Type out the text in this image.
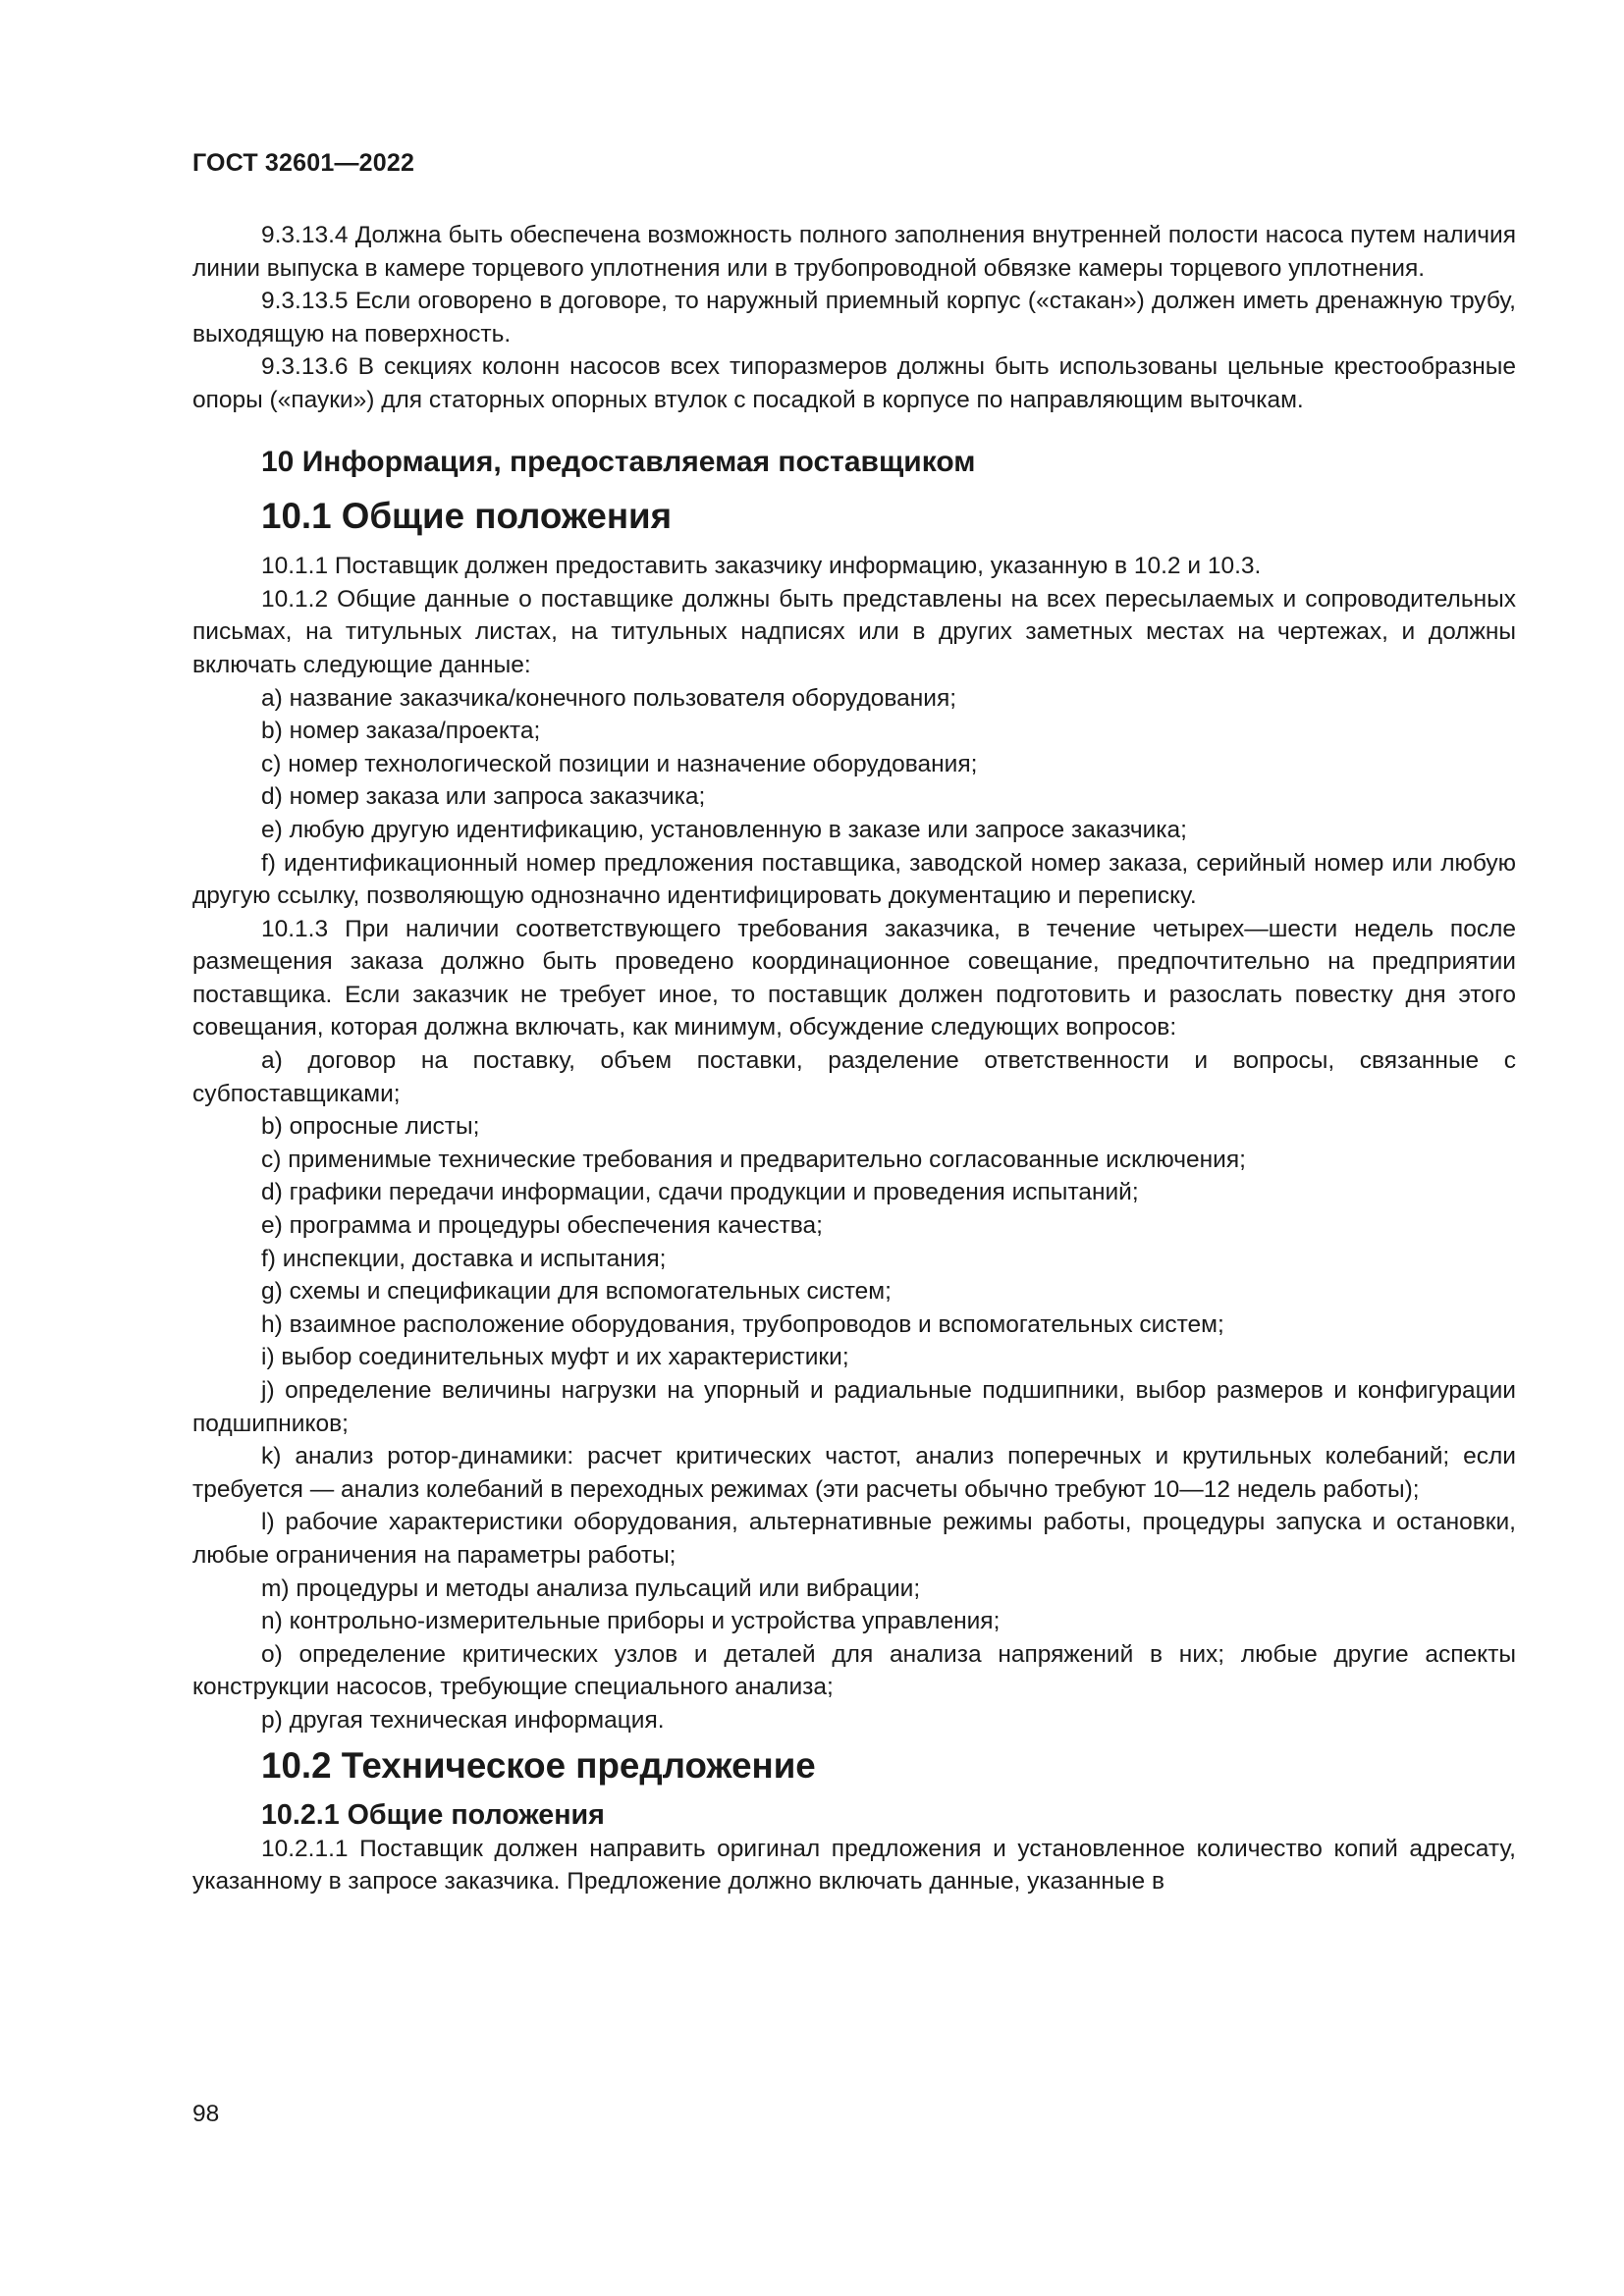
ГОСТ 32601—2022

9.3.13.4 Должна быть обеспечена возможность полного заполнения внутренней полости насоса путем наличия линии выпуска в камере торцевого уплотнения или в трубопроводной обвязке камеры торцевого уплотнения.

9.3.13.5 Если оговорено в договоре, то наружный приемный корпус («стакан») должен иметь дренажную трубу, выходящую на поверхность.

9.3.13.6 В секциях колонн насосов всех типоразмеров должны быть использованы цельные крестообразные опоры («пауки») для статорных опорных втулок с посадкой в корпусе по направляющим выточкам.

10 Информация, предоставляемая поставщиком
10.1 Общие положения

10.1.1 Поставщик должен предоставить заказчику информацию, указанную в 10.2 и 10.3.

10.1.2 Общие данные о поставщике должны быть представлены на всех пересылаемых и сопроводительных письмах, на титульных листах, на титульных надписях или в других заметных местах на чертежах, и должны включать следующие данные:

a) название заказчика/конечного пользователя оборудования;

b) номер заказа/проекта;

c) номер технологической позиции и назначение оборудования;

d) номер заказа или запроса заказчика;

e) любую другую идентификацию, установленную в заказе или запросе заказчика;

f) идентификационный номер предложения поставщика, заводской номер заказа, серийный номер или любую другую ссылку, позволяющую однозначно идентифицировать документацию и переписку.

10.1.3 При наличии соответствующего требования заказчика, в течение четырех—шести недель после размещения заказа должно быть проведено координационное совещание, предпочтительно на предприятии поставщика. Если заказчик не требует иное, то поставщик должен подготовить и разослать повестку дня этого совещания, которая должна включать, как минимум, обсуждение следующих вопросов:

a) договор на поставку, объем поставки, разделение ответственности и вопросы, связанные с субпоставщиками;

b) опросные листы;

c) применимые технические требования и предварительно согласованные исключения;

d) графики передачи информации, сдачи продукции и проведения испытаний;

e) программа и процедуры обеспечения качества;

f) инспекции, доставка и испытания;

g) схемы и спецификации для вспомогательных систем;

h) взаимное расположение оборудования, трубопроводов и вспомогательных систем;

i) выбор соединительных муфт и их характеристики;

j) определение величины нагрузки на упорный и радиальные подшипники, выбор размеров и конфигурации подшипников;

k) анализ ротор-динамики: расчет критических частот, анализ поперечных и крутильных колебаний; если требуется — анализ колебаний в переходных режимах (эти расчеты обычно требуют 10—12 недель работы);

l) рабочие характеристики оборудования, альтернативные режимы работы, процедуры запуска и остановки, любые ограничения на параметры работы;

m) процедуры и методы анализа пульсаций или вибрации;

n) контрольно-измерительные приборы и устройства управления;

o) определение критических узлов и деталей для анализа напряжений в них; любые другие аспекты конструкции насосов, требующие специального анализа;

p) другая техническая информация.

10.2 Техническое предложение
10.2.1 Общие положения

10.2.1.1 Поставщик должен направить оригинал предложения и установленное количество копий адресату, указанному в запросе заказчика. Предложение должно включать данные, указанные в

98
